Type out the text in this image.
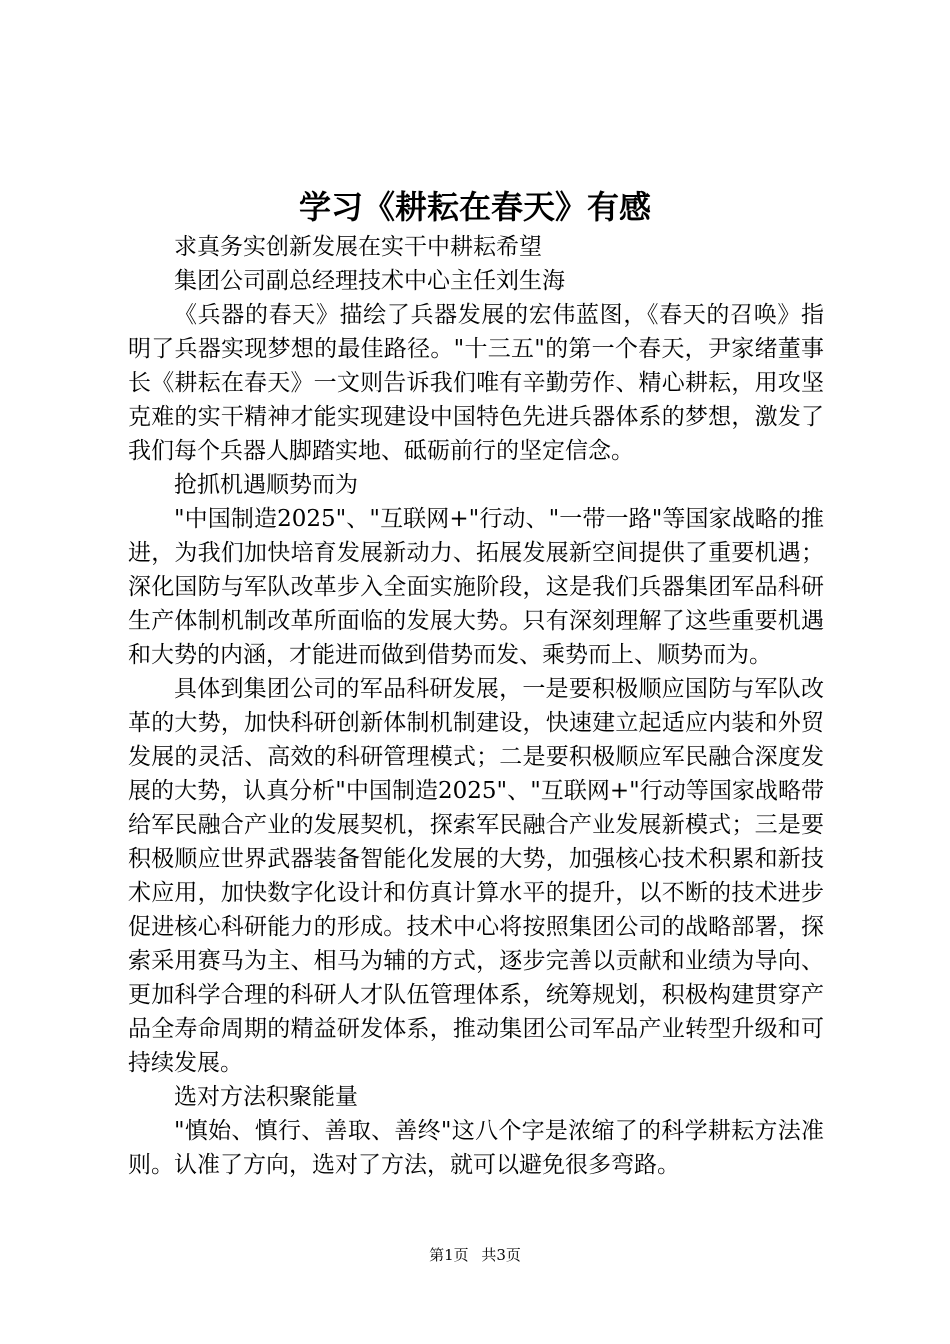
学习《耕耘在春天》有感

求真务实创新发展在实干中耕耘希望

集团公司副总经理技术中心主任刘生海

《兵器的春天》描绘了兵器发展的宏伟蓝图，《春天的召唤》指明了兵器实现梦想的最佳路径。"十三五"的第一个春天，尹家绪董事长《耕耘在春天》一文则告诉我们唯有辛勤劳作、精心耕耘，用攻坚克难的实干精神才能实现建设中国特色先进兵器体系的梦想，激发了我们每个兵器人脚踏实地、砥砺前行的坚定信念。

抢抓机遇顺势而为

"中国制造2025"、"互联网+"行动、"一带一路"等国家战略的推进，为我们加快培育发展新动力、拓展发展新空间提供了重要机遇；深化国防与军队改革步入全面实施阶段，这是我们兵器集团军品科研生产体制机制改革所面临的发展大势。只有深刻理解了这些重要机遇和大势的内涵，才能进而做到借势而发、乘势而上、顺势而为。

具体到集团公司的军品科研发展，一是要积极顺应国防与军队改革的大势，加快科研创新体制机制建设，快速建立起适应内装和外贸发展的灵活、高效的科研管理模式；二是要积极顺应军民融合深度发展的大势，认真分析"中国制造2025"、"互联网+"行动等国家战略带给军民融合产业的发展契机，探索军民融合产业发展新模式；三是要积极顺应世界武器装备智能化发展的大势，加强核心技术积累和新技术应用，加快数字化设计和仿真计算水平的提升，以不断的技术进步促进核心科研能力的形成。技术中心将按照集团公司的战略部署，探索采用赛马为主、相马为辅的方式，逐步完善以贡献和业绩为导向、更加科学合理的科研人才队伍管理体系，统筹规划，积极构建贯穿产品全寿命周期的精益研发体系，推动集团公司军品产业转型升级和可持续发展。

选对方法积聚能量

"慎始、慎行、善取、善终"这八个字是浓缩了的科学耕耘方法准则。认准了方向，选对了方法，就可以避免很多弯路。

第1页 共3页
